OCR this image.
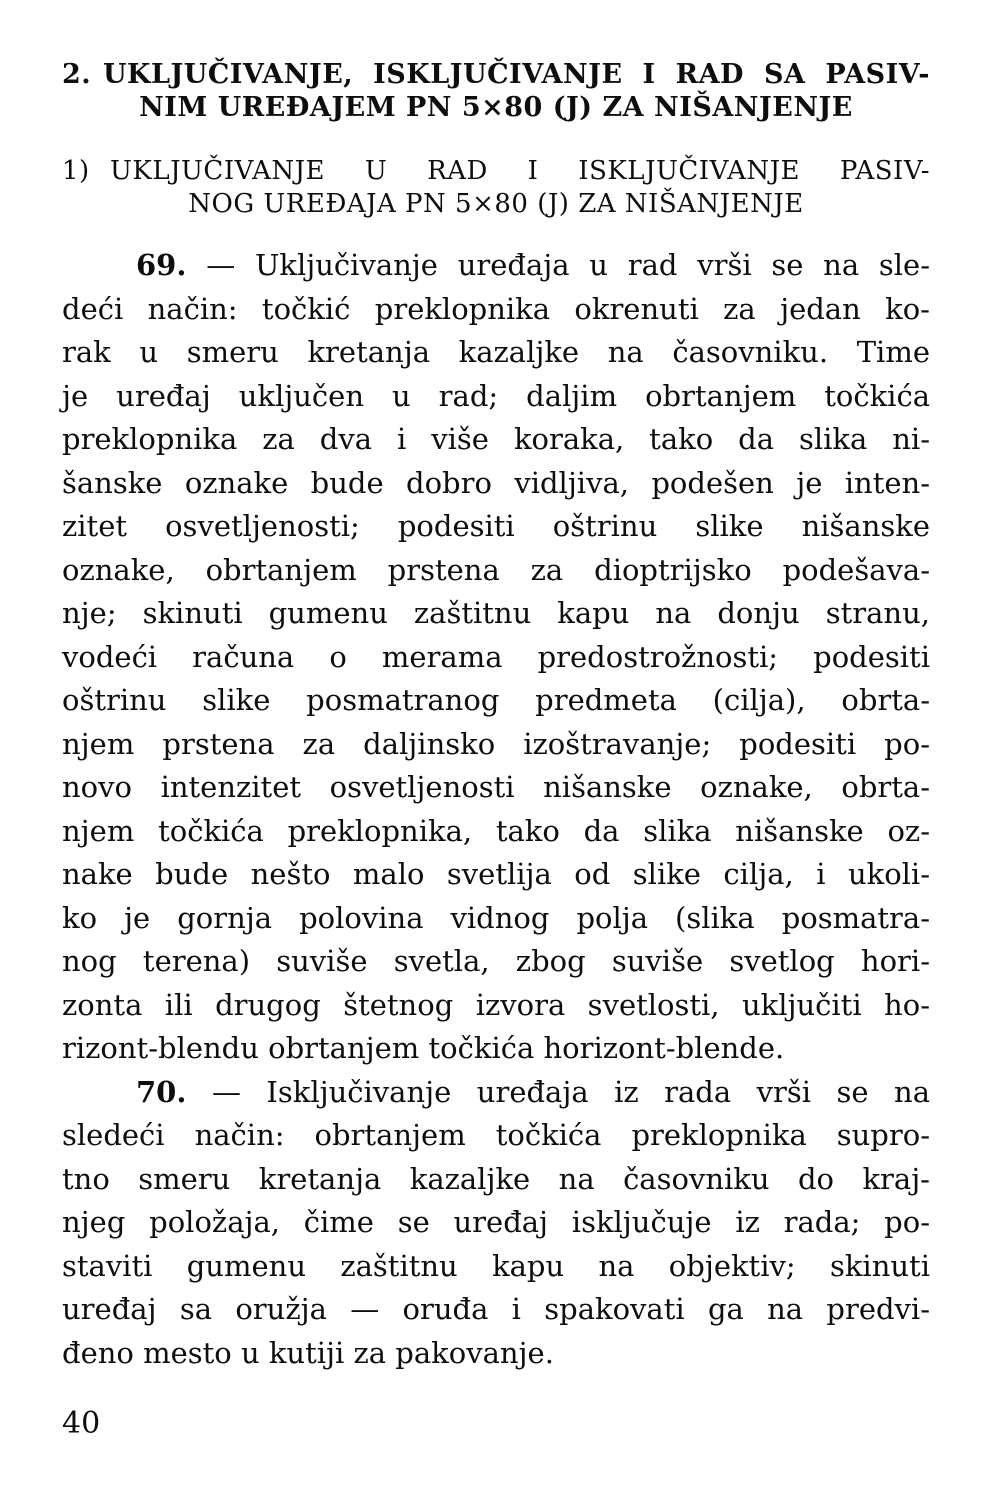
2. UKLJUČIVANJE, ISKLJUČIVANJE I RAD SA PASIV-
NIM UREĐAJEM PN 5×80 (J) ZA NIŠANJENJE
1) UKLJUČIVANJE U RAD I ISKLJUČIVANJE PASIV-
NOG UREĐAJA PN 5×80 (J) ZA NIŠANJENJE
69. — Uključivanje uređaja u rad vrši se na sle-
deći način: točkić preklopnika okrenuti za jedan ko-
rak u smeru kretanja kazaljke na časovniku. Time
je uređaj uključen u rad; daljim obrtanjem točkića
preklopnika za dva i više koraka, tako da slika ni-
šanske oznake bude dobro vidljiva, podešen je inten-
zitet osvetljenosti; podesiti oštrinu slike nišanske
oznake, obrtanjem prstena za dioptrijsko podešava-
nje; skinuti gumenu zaštitnu kapu na donju stranu,
vodeći računa o merama predostrožnosti; podesiti
oštrinu slike posmatranog predmeta (cilja), obrta-
njem prstena za daljinsko izoštravanje; podesiti po-
novo intenzitet osvetljenosti nišanske oznake, obrta-
njem točkića preklopnika, tako da slika nišanske oz-
nake bude nešto malo svetlija od slike cilja, i ukoli-
ko je gornja polovina vidnog polja (slika posmatra-
nog terena) suviše svetla, zbog suviše svetlog hori-
zonta ili drugog štetnog izvora svetlosti, uključiti ho-
rizont-blendu obrtanjem točkića horizont-blende.
70. — Isključivanje uređaja iz rada vrši se na
sledeći način: obrtanjem točkića preklopnika supro-
tno smeru kretanja kazaljke na časovniku do kraj-
njeg položaja, čime se uređaj isključuje iz rada; po-
staviti gumenu zaštitnu kapu na objektiv; skinuti
uređaj sa oružja — oruđa i spakovati ga na predvi-
đeno mesto u kutiji za pakovanje.
40
